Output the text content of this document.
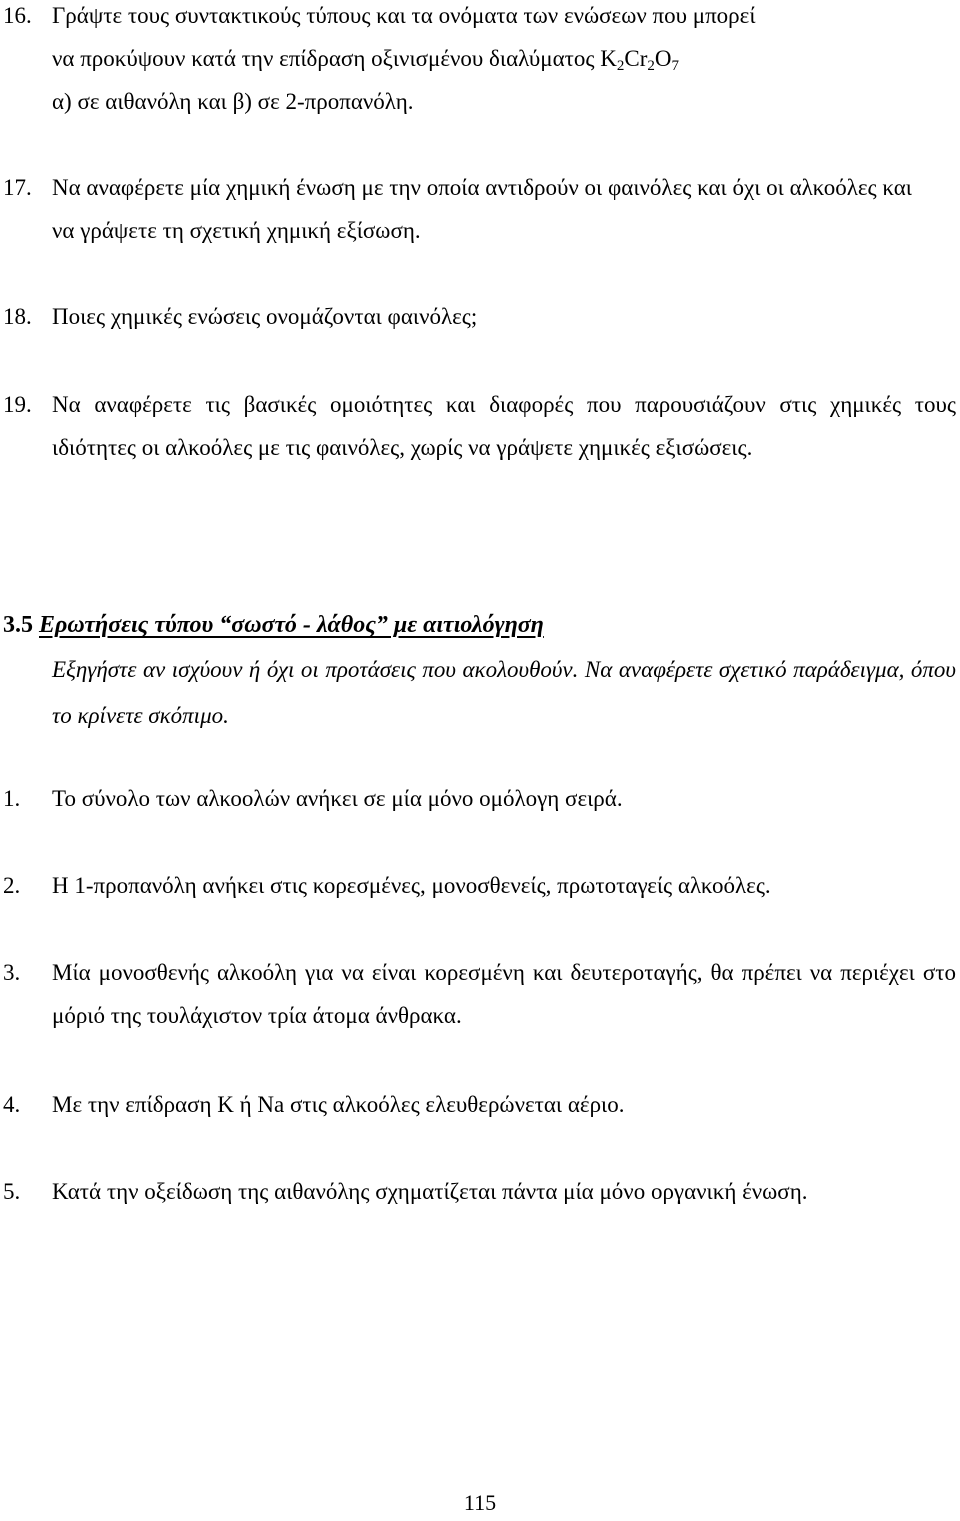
16. Γράψτε τους συντακτικούς τύπους και τα ονόματα των ενώσεων που μπορεί
να προκύψουν κατά την επίδραση οξινισμένου διαλύματος $K_2Cr_2O_7$
α) σε αιθανόλη και β) σε 2-προπανόλη.
17. Να αναφέρετε μία χημική ένωση με την οποία αντιδρούν οι φαινόλες και όχι οι αλκοόλες και να γράψετε τη σχετική χημική εξίσωση.
18. Ποιες χημικές ενώσεις ονομάζονται φαινόλες;
19. Να αναφέρετε τις βασικές ομοιότητες και διαφορές που παρουσιάζουν στις χημικές τους ιδιότητες οι αλκοόλες με τις φαινόλες, χωρίς να γράψετε χημικές εξισώσεις.
3.5 Ερωτήσεις τύπου “σωστό - λάθος” με αιτιολόγηση
Εξηγήστε αν ισχύουν ή όχι οι προτάσεις που ακολουθούν. Να αναφέρετε σχετικό παράδειγμα, όπου το κρίνετε σκόπιμο.
1. Το σύνολο των αλκοολών ανήκει σε μία μόνο ομόλογη σειρά.
2. Η 1-προπανόλη ανήκει στις κορεσμένες, μονοσθενείς, πρωτοταγείς αλκοόλες.
3. Μία μονοσθενής αλκοόλη για να είναι κορεσμένη και δευτεροταγής, θα πρέπει να περιέχει στο μόριό της τουλάχιστον τρία άτομα άνθρακα.
4. Με την επίδραση K ή Na στις αλκοόλες ελευθερώνεται αέριο.
5. Κατά την οξείδωση της αιθανόλης σχηματίζεται πάντα μία μόνο οργανική ένωση.
115
